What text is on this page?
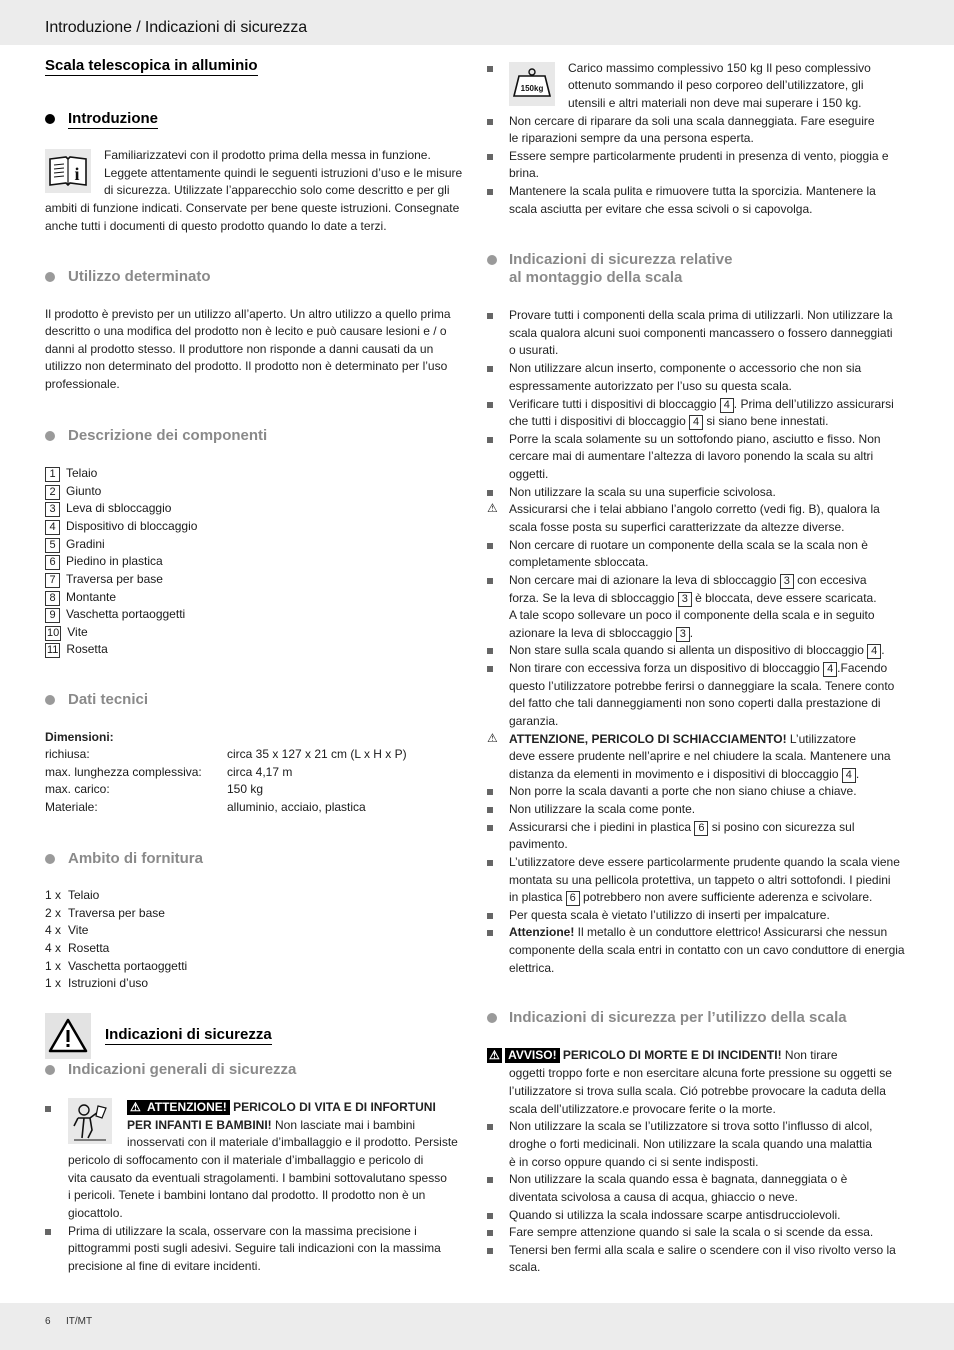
Introduzione / Indicazioni di sicurezza
Scala telescopica in alluminio
Introduzione
i
Familiarizzatevi con il prodotto prima della messa in funzione.
Leggete attentamente quindi le seguenti istruzioni d’uso e le misure
di sicurezza. Utilizzate l’apparecchio solo come descritto e per gli
ambiti di funzione indicati. Conservate per bene queste istruzioni. Consegnate
anche tutti i documenti di questo prodotto quando lo date a terzi.
Utilizzo determinato
Il prodotto è previsto per un utilizzo all’aperto. Un altro utilizzo a quello prima
descritto o una modifica del prodotto non è lecito e può causare lesioni e / o
danni al prodotto stesso. Il produttore non risponde a danni causati da un
utilizzo non determinato del prodotto. Il prodotto non è determinato per l’uso
professionale.
Descrizione dei componenti
1 Telaio
2 Giunto
3 Leva di sbloccaggio
4 Dispositivo di bloccaggio
5 Gradini
6 Piedino in plastica
7 Traversa per base
8 Montante
9 Vaschetta portaoggetti
10 Vite
11 Rosetta
Dati tecnici
Dimensioni:
richiusa:	circa 35 x 127 x 21 cm (L x H x P)
max. lunghezza complessiva: circa 4,17 m
max. carico:	150 kg
Materiale:	alluminio, acciaio, plastica
Ambito di fornitura
1 x Telaio
2 x Traversa per base
4 x Vite
4 x Rosetta
1 x Vaschetta portaoggetti
1 x Istruzioni d’uso
Indicazioni di sicurezza
Indicazioni generali di sicurezza
⚠ ATTENZIONE! PERICOLO DI VITA E DI INFORTUNI
PER INFANTI E BAMBINI! Non lasciate mai i bambini
inosservati con il materiale d’imballaggio e il prodotto. Persiste
pericolo di soffocamento con il materiale d’imballaggio e pericolo di
vita causato da eventuali stragolamenti. I bambini sottovalutano spesso
i pericoli. Tenete i bambini lontano dal prodotto. Il prodotto non è un
giocattolo.
Prima di utilizzare la scala, osservare con la massima precisione i
pittogrammi posti sugli adesivi. Seguire tali indicazioni con la massima
precisione al fine di evitare incidenti.
150kg
Carico massimo complessivo 150 kg Il peso complessivo
ottenuto sommando il peso corporeo dell’utilizzatore, gli
utensili e altri materiali non deve mai superare i 150 kg.
Non cercare di riparare da soli una scala danneggiata. Fare eseguire
le riparazioni sempre da una persona esperta.
Essere sempre particolarmente prudenti in presenza di vento, pioggia e
brina.
Mantenere la scala pulita e rimuovere tutta la sporcizia. Mantenere la
scala asciutta per evitare che essa scivoli o si capovolga.
Indicazioni di sicurezza relative
al montaggio della scala
Provare tutti i componenti della scala prima di utilizzarli. Non utilizzare la
scala qualora alcuni suoi componenti mancassero o fossero danneggiati
o usurati.
Non utilizzare alcun inserto, componente o accessorio che non sia
espressamente autorizzato per l’uso su questa scala.
Verificare tutti i dispositivi di bloccaggio 4 . Prima dell’utilizzo assicurarsi
che tutti i dispositivi di bloccaggio 4 si siano bene innestati.
Porre la scala solamente su un sottofondo piano, asciutto e fisso. Non
cercare mai di aumentare l’altezza di lavoro ponendo la scala su altri
oggetti.
Non utilizzare la scala su una superficie scivolosa.
⚠ Assicurarsi che i telai abbiano l’angolo corretto (vedi fig. B), qualora la
scala fosse posta su superfici caratterizzate da altezze diverse.
Non cercare di ruotare un componente della scala se la scala non è
completamente sbloccata.
Non cercare mai di azionare la leva di sbloccaggio 3 con eccesiva
forza. Se la leva di sbloccaggio 3 è bloccata, deve essere scaricata.
A tale scopo sollevare un poco il componente della scala e in seguito
azionare la leva di sbloccaggio 3 .
Non stare sulla scala quando si allenta un dispositivo di bloccaggio 4 .
Non tirare con eccessiva forza un dispositivo di bloccaggio 4 .Facendo
questo l’utilizzatore potrebbe ferirsi o danneggiare la scala. Tenere conto
del fatto che tali danneggiamenti non sono coperti dalla prestazione di
garanzia.
⚠ ATTENZIONE, PERICOLO DI SCHIACCIAMENTO! L’utilizzatore
deve essere prudente nell’aprire e nel chiudere la scala. Mantenere una
distanza da elementi in movimento e i dispositivi di bloccaggio 4 .
Non porre la scala davanti a porte che non siano chiuse a chiave.
Non utilizzare la scala come ponte.
Assicurarsi che i piedini in plastica 6 si posino con sicurezza sul
pavimento.
L’utilizzatore deve essere particolarmente prudente quando la scala viene
montata su una pellicola protettiva, un tappeto o altri sottofondi. I piedini
in plastica 6 potrebbero non avere sufficiente aderenza e scivolare.
Per questa scala è vietato l’utilizzo di inserti per impalcature.
Attenzione! Il metallo è un conduttore elettrico! Assicurarsi che nessun
componente della scala entri in contatto con un cavo conduttore di energia
elettrica.
Indicazioni di sicurezza per l’utilizzo della scala
⚠ AVVISO! PERICOLO DI MORTE E DI INCIDENTI! Non tirare
oggetti troppo forte e non esercitare alcuna forte pressione su oggetti se
l’utilizzatore si trova sulla scala. Ció potrebbe provocare la caduta della
scala dell’utilizzatore.e provocare ferite o la morte.
Non utilizzare la scala se l’utilizzatore si trova sotto l’influsso di alcol,
droghe o forti medicinali. Non utilizzare la scala quando una malattia
è in corso oppure quando ci si sente indisposti.
Non utilizzare la scala quando essa è bagnata, danneggiata o è
diventata scivolosa a causa di acqua, ghiaccio o neve.
Quando si utilizza la scala indossare scarpe antisdrucciolevoli.
Fare sempre attenzione quando si sale la scala o si scende da essa.
Tenersi ben fermi alla scala e salire o scendere con il viso rivolto verso la
scala.
6 IT/MT
